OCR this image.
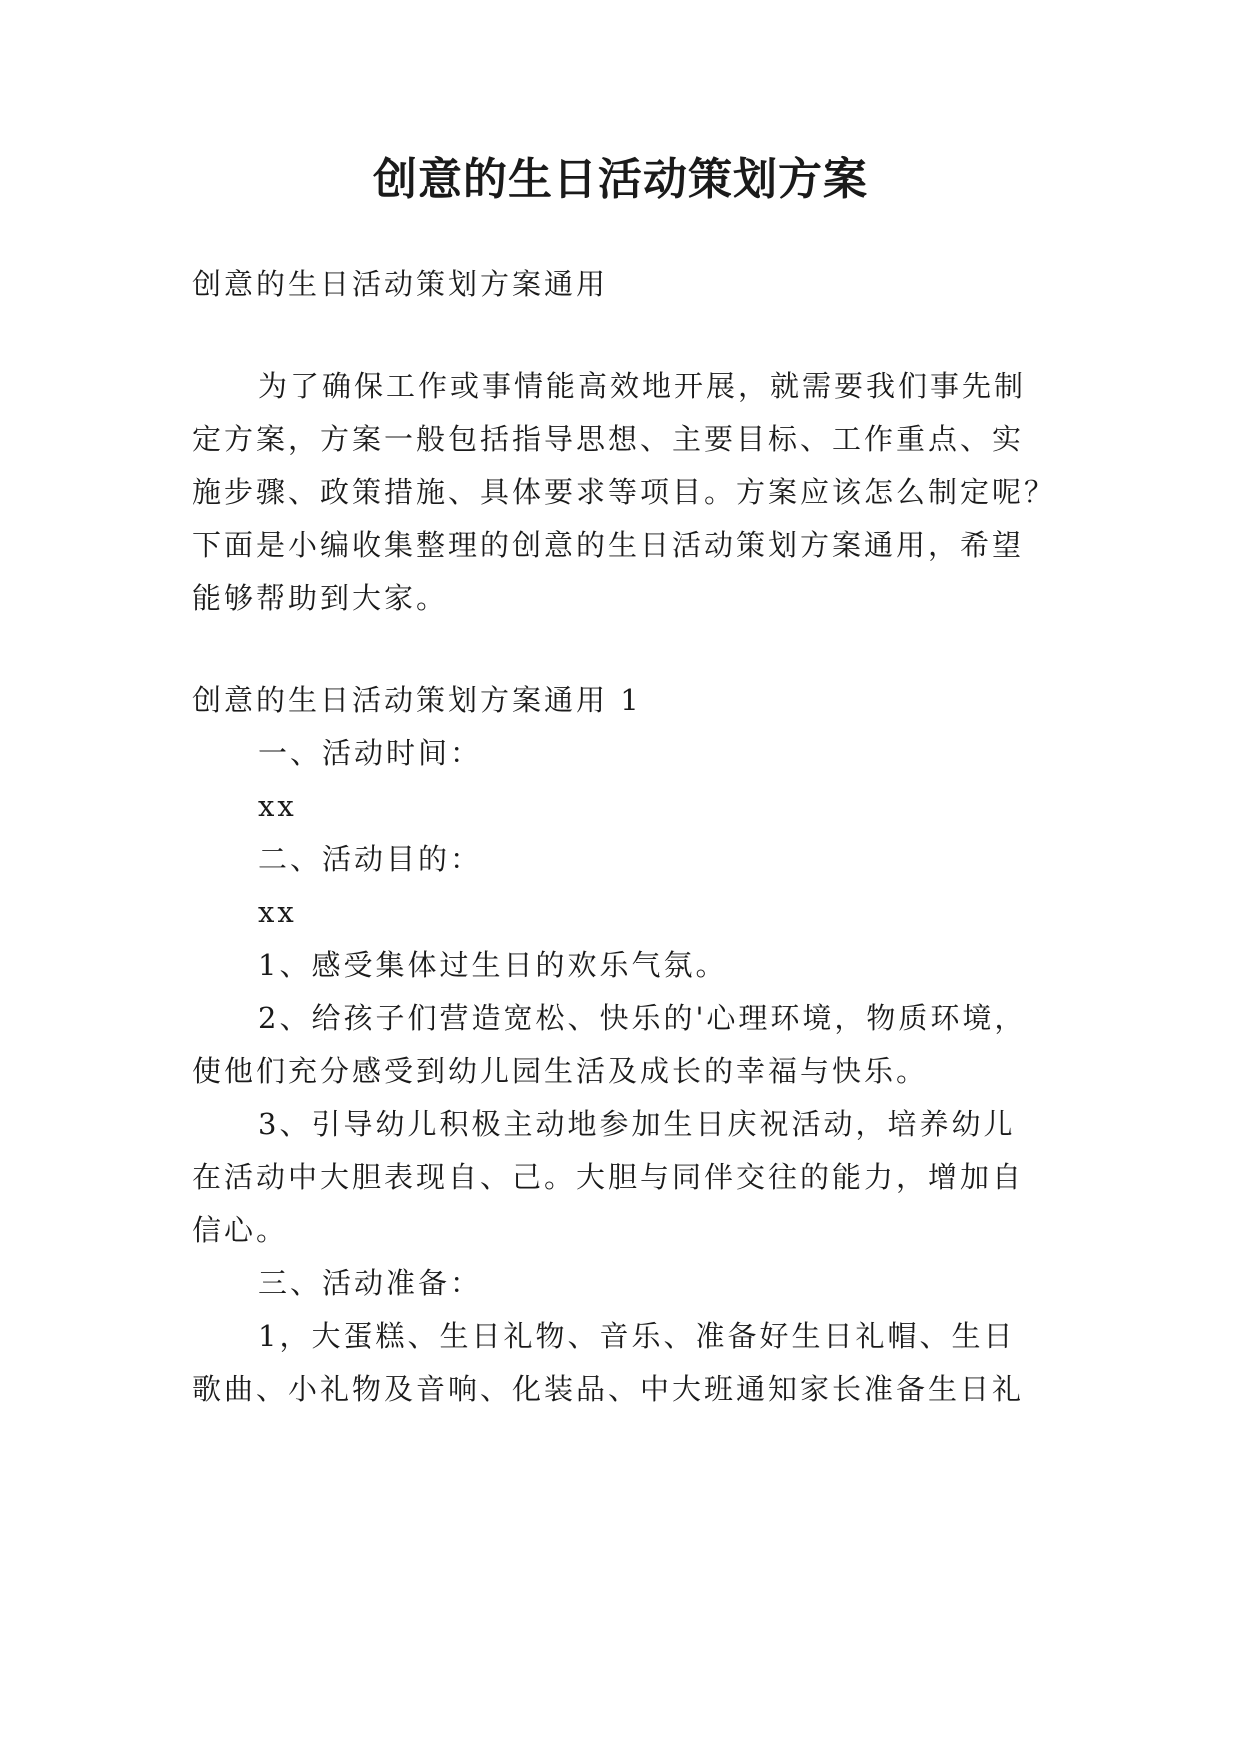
创意的生日活动策划方案
创意的生日活动策划方案通用
为了确保工作或事情能高效地开展，就需要我们事先制
定方案，方案一般包括指导思想、主要目标、工作重点、实
施步骤、政策措施、具体要求等项目。方案应该怎么制定呢？
下面是小编收集整理的创意的生日活动策划方案通用，希望
能够帮助到大家。
创意的生日活动策划方案通用 1
一、活动时间：
xx
二、活动目的：
xx
1、感受集体过生日的欢乐气氛。
2、给孩子们营造宽松、快乐的'心理环境，物质环境，
使他们充分感受到幼儿园生活及成长的幸福与快乐。
3、引导幼儿积极主动地参加生日庆祝活动，培养幼儿
在活动中大胆表现自、己。大胆与同伴交往的能力，增加自
信心。
三、活动准备：
1，大蛋糕、生日礼物、音乐、准备好生日礼帽、生日
歌曲、小礼物及音响、化装品、中大班通知家长准备生日礼
